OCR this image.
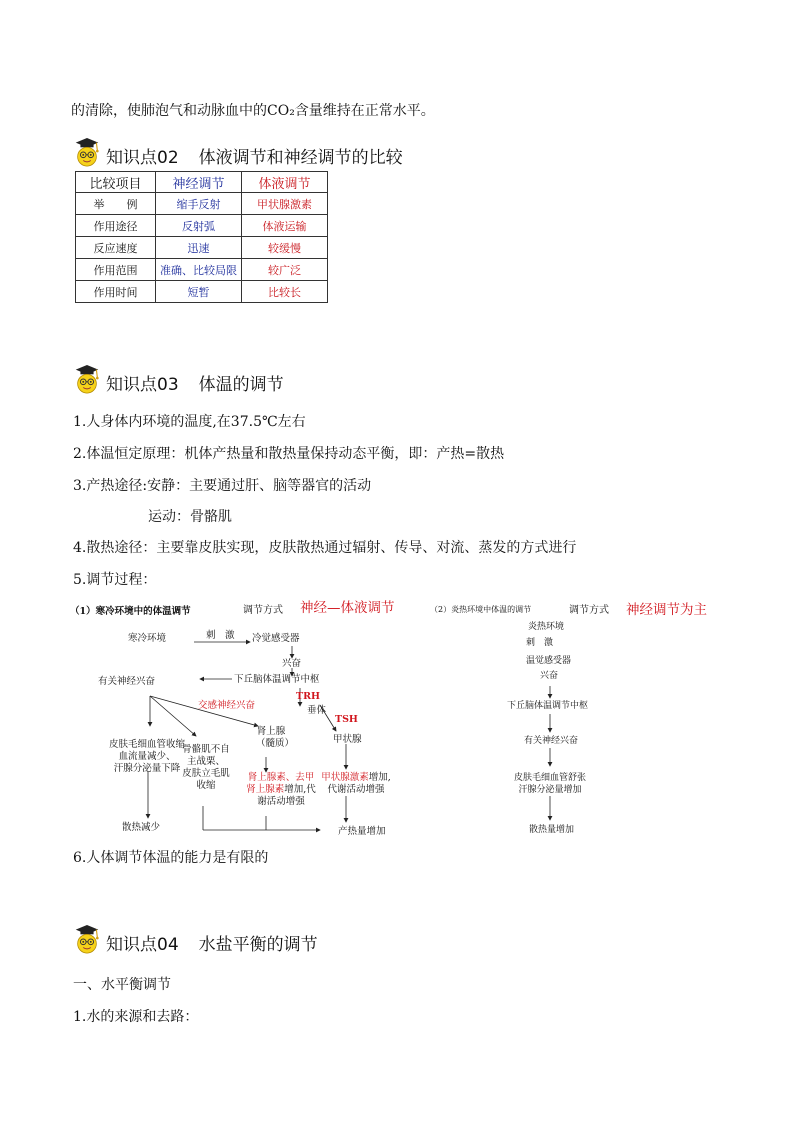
的清除，使肺泡气和动脉血中的CO₂含量维持在正常水平。
知识点02 体液调节和神经调节的比较
比较项目	神经调节	体液调节
举　　例	缩手反射	甲状腺激素
作用途径	反射弧	体液运输
反应速度	迅速	较缓慢
作用范围	准确、比较局限	较广泛
作用时间	短暂	比较长
知识点03 体温的调节
1.人身体内环境的温度,在37.5℃左右
2.体温恒定原理：机体产热量和散热量保持动态平衡，即：产热=散热
3.产热途径:安静：主要通过肝、脑等器官的活动
运动：骨骼肌
4.散热途径：主要靠皮肤实现，皮肤散热通过辐射、传导、对流、蒸发的方式进行
5.调节过程：
（1）寒冷环境中的体温调节	调节方式 神经—体液调节
寒冷环境	刺　激 冷觉感受器
兴奋
下丘脑体温调节中枢
有关神经兴奋
TRH
垂体
TSH
交感神经兴奋
肾上腺
（髓质）	甲状腺
皮肤毛细血管收缩
血流量减少、
汗腺分泌量下降
骨骼肌不自
主战栗、
皮肤立毛肌
收缩
肾上腺素、去甲
肾上腺素增加,代
谢活动增强
甲状腺激素增加,
代谢活动增强
散热减少	产热量增加
（2）炎热环境中体温的调节	调节方式 神经调节为主
炎热环境
刺　激
温觉感受器
兴奋
下丘脑体温调节中枢
有关神经兴奋
皮肤毛细血管舒张
汗腺分泌量增加
散热量增加
6.人体调节体温的能力是有限的
知识点04 水盐平衡的调节
一、水平衡调节
1.水的来源和去路：
